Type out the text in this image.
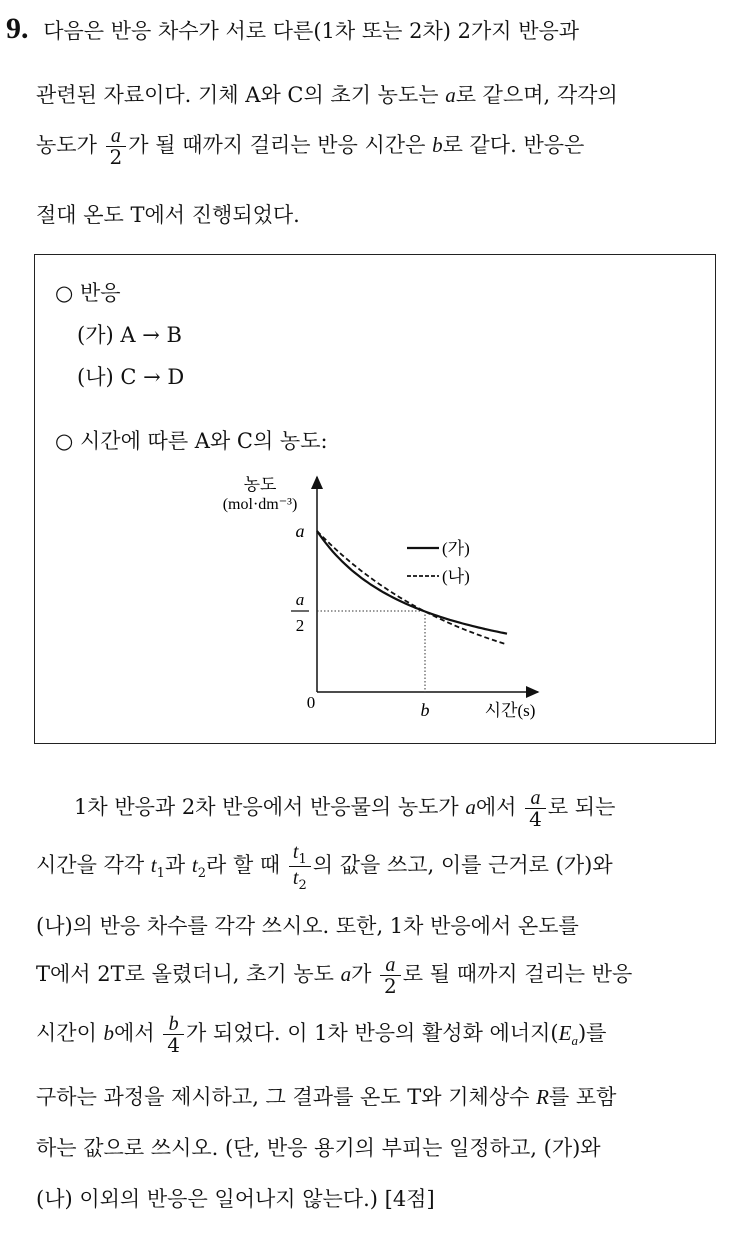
9. 다음은 반응 차수가 서로 다른(1차 또는 2차) 2가지 반응과
관련된 자료이다. 기체 A와 C의 초기 농도는 a로 같으며, 각각의
농도가 $\frac{a}{2}$ 가 될 때까지 걸리는 반응 시간은 b로 같다. 반응은
절대 온도 T에서 진행되었다.
○ 반응
(가) A → B
(나) C → D
○ 시간에 따른 A와 C의 농도:
농도
(mol·dm⁻³)
a
a
2
0	b	시간(s)
(가)
(나)
1차 반응과 2차 반응에서 반응물의 농도가 a에서 $\frac{a}{4}$ 로 되는
시간을 각각 $t_1$과 $t_2$라 할 때 $\frac{t_1}{t_2}$ 의 값을 쓰고, 이를 근거로 (가)와
(나)의 반응 차수를 각각 쓰시오. 또한, 1차 반응에서 온도를
T에서 2T로 올렸더니, 초기 농도 a가 $\frac{a}{2}$ 로 될 때까지 걸리는 반응
시간이 b에서 $\frac{b}{4}$ 가 되었다. 이 1차 반응의 활성화 에너지$(E_a)$를
구하는 과정을 제시하고, 그 결과를 온도 T와 기체상수 R를 포함
하는 값으로 쓰시오. (단, 반응 용기의 부피는 일정하고, (가)와
(나) 이외의 반응은 일어나지 않는다.) [4점]
